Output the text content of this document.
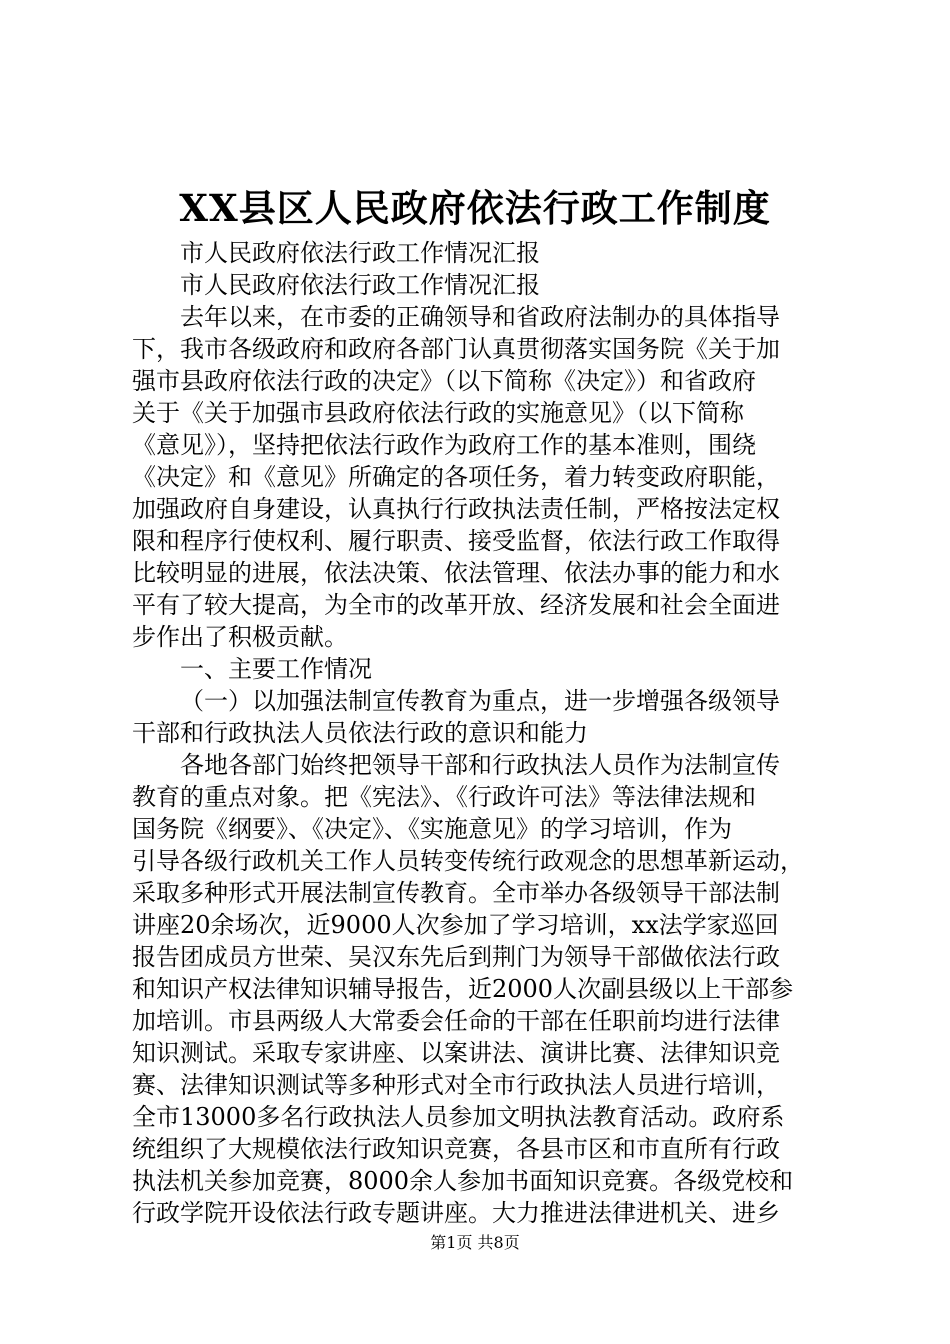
XX县区人民政府依法行政工作制度
市人民政府依法行政工作情况汇报
市人民政府依法行政工作情况汇报
去年以来，在市委的正确领导和省政府法制办的具体指导
下，我市各级政府和政府各部门认真贯彻落实国务院《关于加
强市县政府依法行政的决定》（以下简称《决定》）和省政府
关于《关于加强市县政府依法行政的实施意见》（以下简称
《意见》），坚持把依法行政作为政府工作的基本准则，围绕
《决定》和《意见》所确定的各项任务，着力转变政府职能，
加强政府自身建设，认真执行行政执法责任制，严格按法定权
限和程序行使权利、履行职责、接受监督，依法行政工作取得
比较明显的进展，依法决策、依法管理、依法办事的能力和水
平有了较大提高，为全市的改革开放、经济发展和社会全面进
步作出了积极贡献。
一、主要工作情况
（一）以加强法制宣传教育为重点，进一步增强各级领导
干部和行政执法人员依法行政的意识和能力
各地各部门始终把领导干部和行政执法人员作为法制宣传
教育的重点对象。把《宪法》、《行政许可法》等法律法规和
国务院《纲要》、《决定》、《实施意见》的学习培训，作为
引导各级行政机关工作人员转变传统行政观念的思想革新运动，
采取多种形式开展法制宣传教育。全市举办各级领导干部法制
讲座20余场次，近9000人次参加了学习培训，xx法学家巡回
报告团成员方世荣、吴汉东先后到荆门为领导干部做依法行政
和知识产权法律知识辅导报告，近2000人次副县级以上干部参
加培训。市县两级人大常委会任命的干部在任职前均进行法律
知识测试。采取专家讲座、以案讲法、演讲比赛、法律知识竞
赛、法律知识测试等多种形式对全市行政执法人员进行培训，
全市13000多名行政执法人员参加文明执法教育活动。政府系
统组织了大规模依法行政知识竞赛，各县市区和市直所有行政
执法机关参加竞赛，8000余人参加书面知识竞赛。各级党校和
行政学院开设依法行政专题讲座。大力推进法律进机关、进乡
第1页 共8页
